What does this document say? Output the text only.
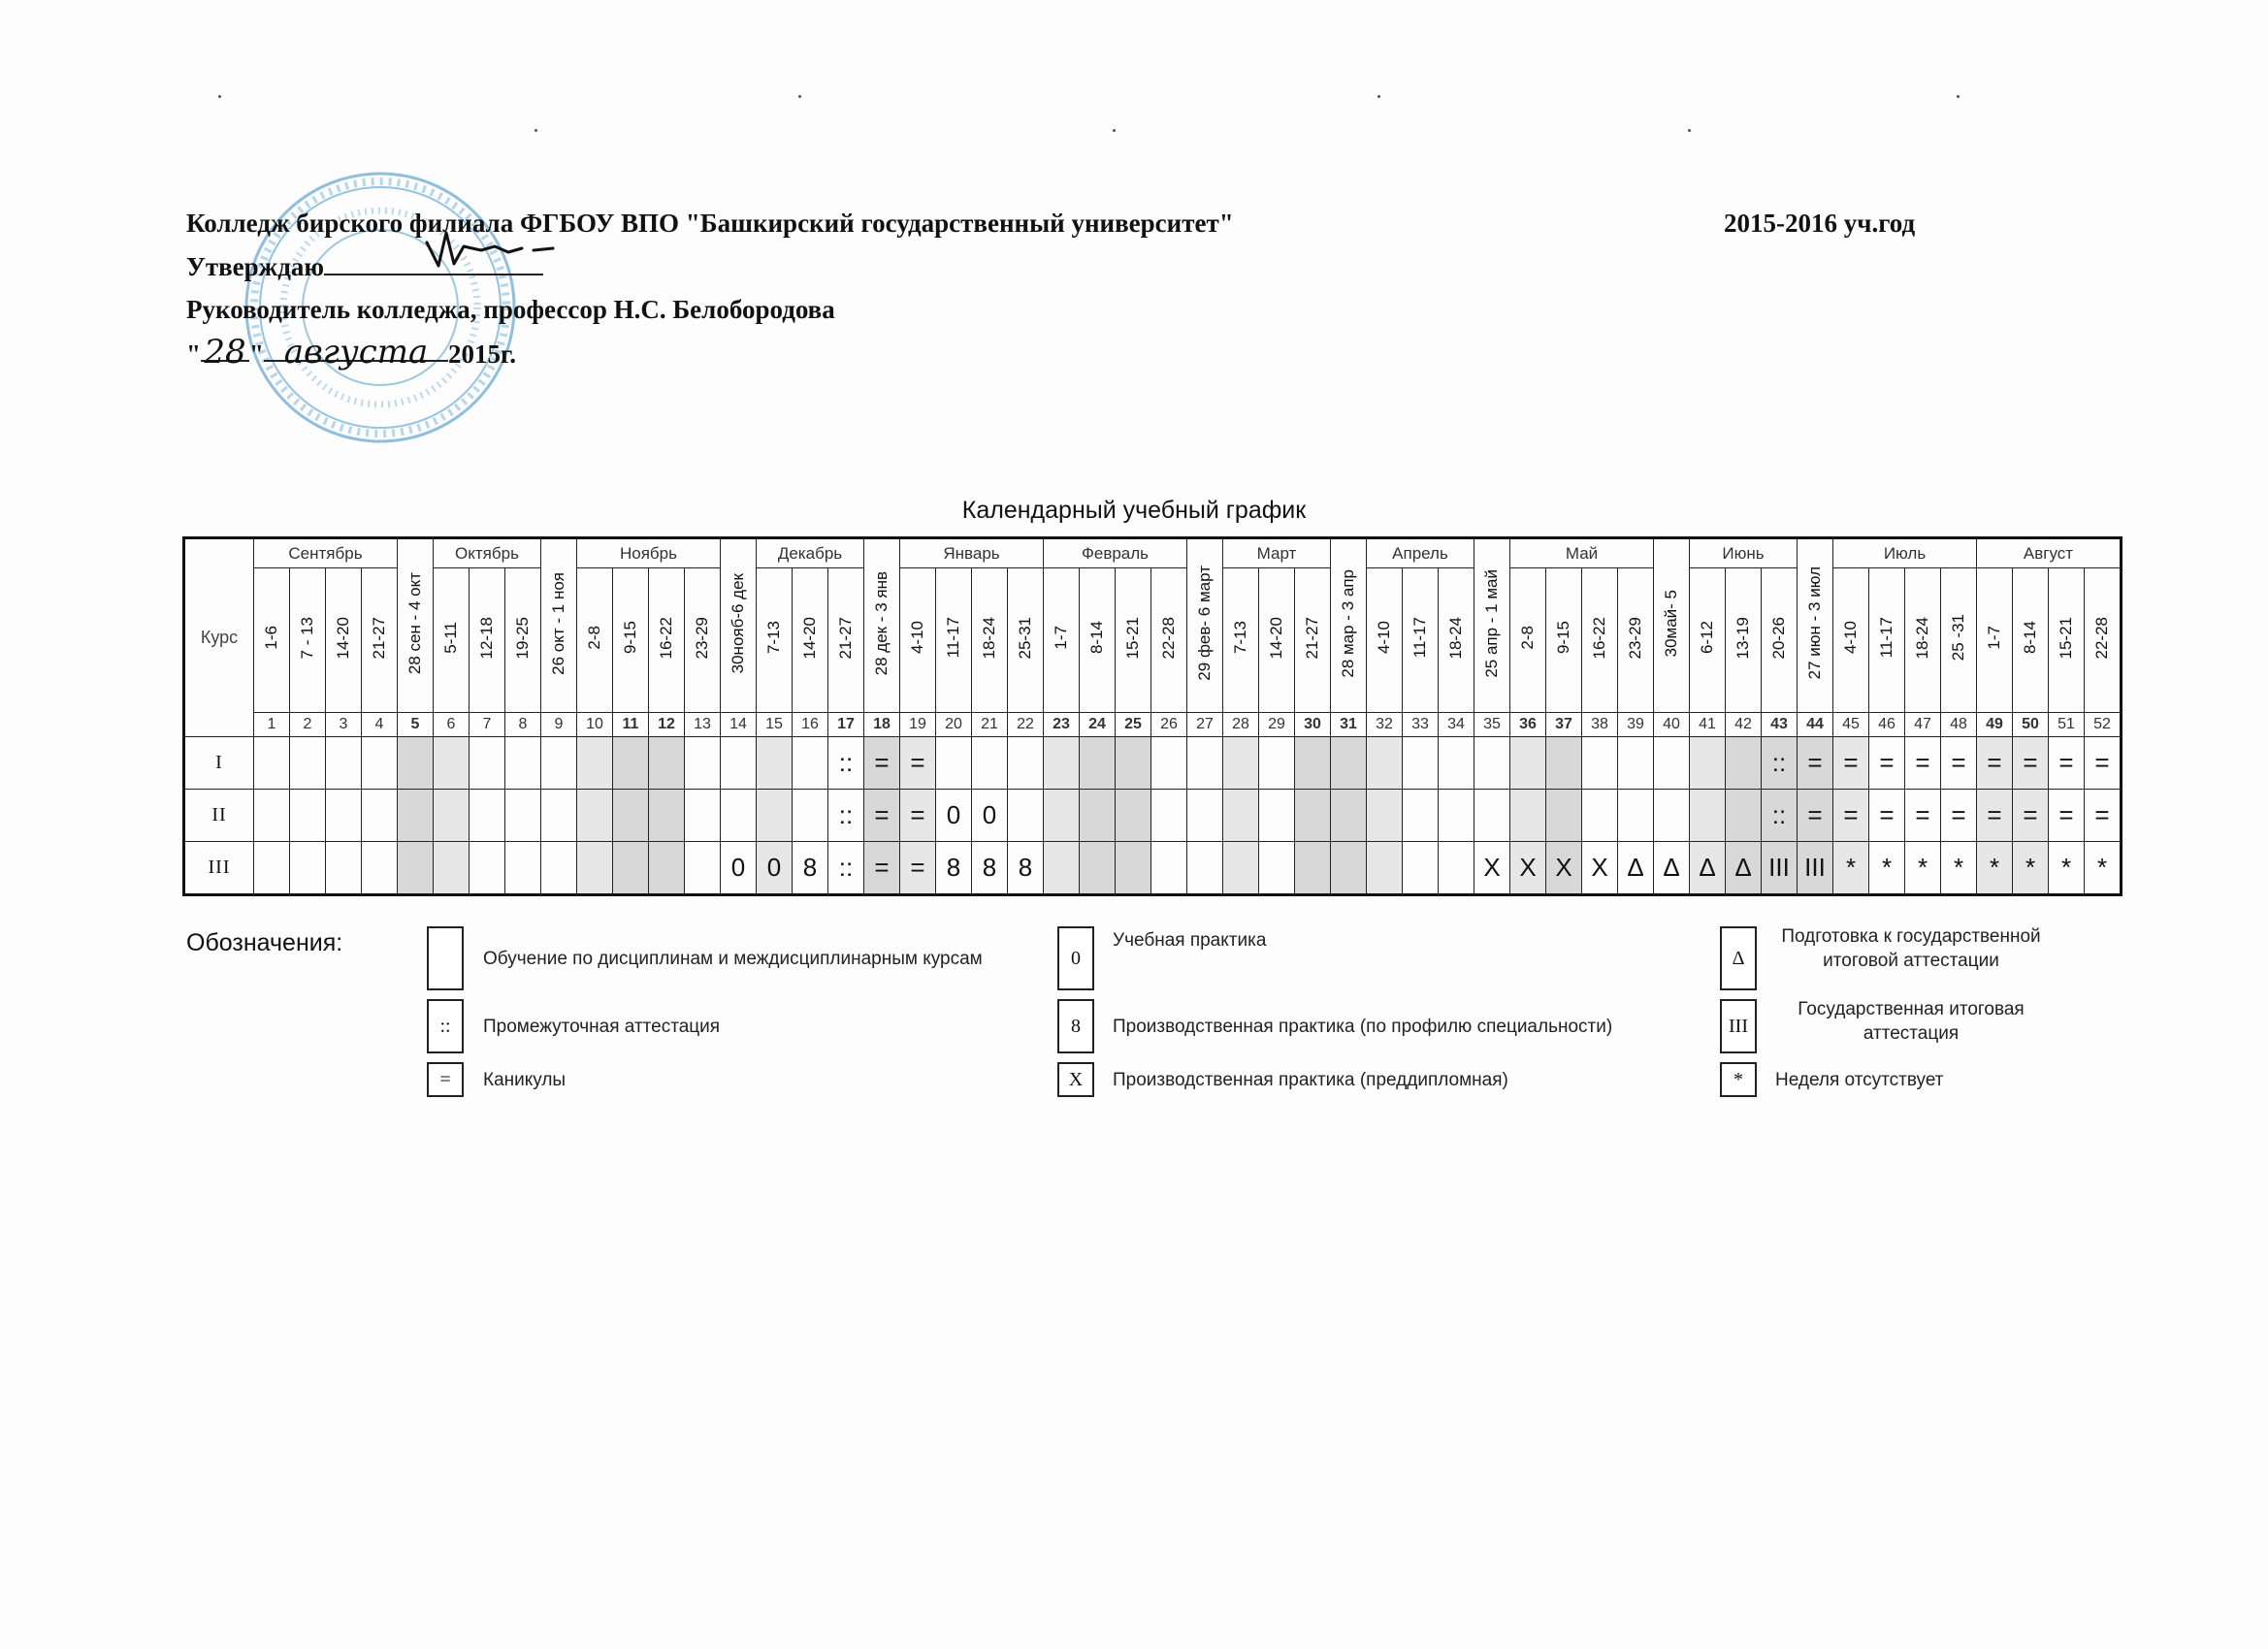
Колледж бирского филиала ФГБОУ ВПО "Башкирский государственный университет"
Утверждаю
Руководитель колледжа, профессор Н.С. Белобородова
"28 " августа 2015г.
2015-2016 уч.год
Календарный учебный график
Курс	Сентябрь				28 сен - 4 окт	Октябрь			26 окт - 1 ноя	Ноябрь				30нояб-6 дек	Декабрь			28 дек - 3 янв	Январь				Февраль				29 фев- 6 март	Март			28 мар - 3 апр	Апрель			25 апр - 1 май	Май				30май- 5	Июнь			27 июн - 3 июл	Июль				Август			
	1-6	7 - 13	14-20	21-27		5-11	12-18	19-25		2-8	9-15	16-22	23-29		7-13	14-20	21-27		4-10	11-17	18-24	25-31	1-7	8-14	15-21	22-28		7-13	14-20	21-27		4-10	11-17	18-24		2-8	9-15	16-22	23-29		6-12	13-19	20-26		4-10	11-17	18-24	25 -31	1-7	8-14	15-21	22-28
	1	2	3	4	5	6	7	8	9	10	11	12	13	14	15	16	17	18	19	20	21	22	23	24	25	26	27	28	29	30	31	32	33	34	35	36	37	38	39	40	41	42	43	44	45	46	47	48	49	50	51	52
I																	::	=	=																								::	=	=	=	=	=	=	=	=	=
II																	::	=	=	0	0																						::	=	=	=	=	=	=	=	=	=
III														0	0	8	::	=	=	8	8	8													X	X	X	X	Δ	Δ	Δ	Δ	III	III	*	*	*	*	*	*	*	*
Обозначения:
Обучение по дисциплинам и междисциплинарным курсам
::	Промежуточная аттестация
=	Каникулы
0
Учебная практика
8	Производственная практика (по профилю специальности)
X	Производственная практика (преддипломная)
Δ
Подготовка к государственной итоговой аттестации
III
Государственная итоговая аттестация
*	Неделя отсутствует
